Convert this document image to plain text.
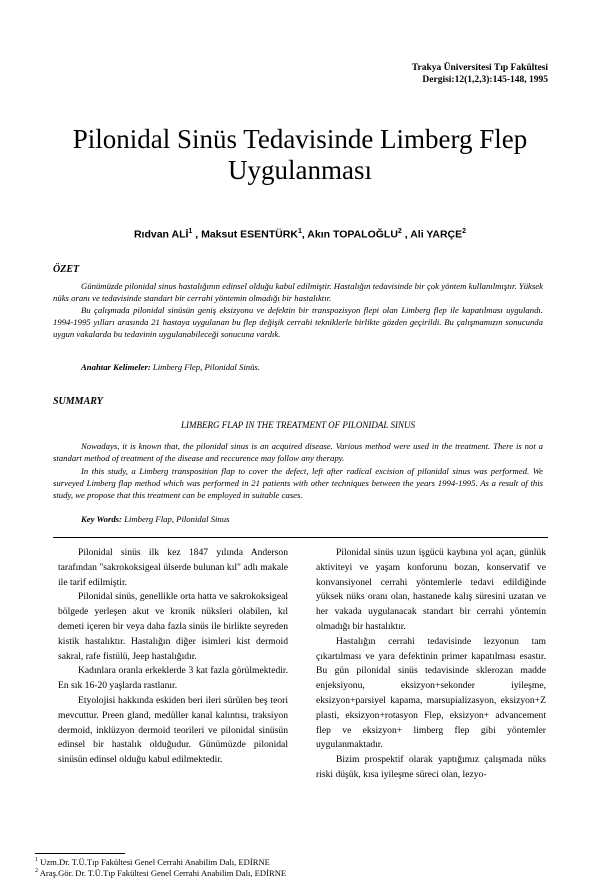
Trakya Üniversitesi Tıp Fakültesi
Dergisi:12(1,2,3):145-148, 1995
Pilonidal Sinüs Tedavisinde Limberg Flep
Uygulanması
Rıdvan ALİ$^1$ , Maksut ESENTÜRK$^1$, Akın TOPALOĞLU$^2$ , Ali YARÇE$^2$
ÖZET
Günümüzde pilonidal sinus hastalığının edinsel olduğu kabul edilmiştir. Hastalığın tedavisinde bir çok yöntem kullanılmıştır. Yüksek nüks oranı ve tedavisinde standart bir cerrahi yöntemin olmadığı bir hastalıktır.
Bu çalışmada pilonidal sinüsün geniş eksizyonu ve defektin bir transpozisyon flepi olan Limberg flep ile kapatılması uygulandı. 1994-1995 yılları arasında 21 hastaya uygulanan bu flep değişik cerrahi tekniklerle birlikte gözden geçirildi. Bu çalışmamızın sonucunda uygun vakalarda bu tedavinin uygulanabileceği sonucuna vardık.
Anahtar Kelimeler: Limberg Flep, Pilonidal Sinüs.
SUMMARY
LIMBERG FLAP IN THE TREATMENT OF PILONIDAL SINUS
Nowadays, it is known that, the pilonidal sinus is an acquired disease. Various method were used in the treatment. There is not a standart method of treatment of the disease and reccurence may follow any therapy.
In this study, a Limberg transposition flap to cover the defect, left after radical excision of pilonidal sinus was performed. We surveyed Limberg flap method which was performed in 21 patients with other techniques between the years 1994-1995. As a result of this study, we propose that this treatment can be employed in suitable cases.
Key Words: Limberg Flap, Pilonidal Sinus

Pilonidal sinüs ilk kez 1847 yılında Anderson tarafından "sakrokoksigeal ülserde bulunan kıl" adlı makale ile tarif edilmiştir.

Pilonidal sinüs, genellikle orta hatta ve sakrokoksigeal bölgede yerleşen akut ve kronik nüksleri olabilen, kıl demeti içeren bir veya daha fazla sinüs ile birlikte seyreden kistik hastalıktır. Hastalığın diğer isimleri kist dermoid sakral, rafe fistülü, Jeep hastalığıdır.

Kadınlara oranla erkeklerde 3 kat fazla görülmektedir. En sık 16-20 yaşlarda rastlanır.

Etyolojisi hakkında eskiden beri ileri sürülen beş teori mevcuttur. Preen gland, medüller kanal kalıntısı, traksiyon dermoid, inklüzyon dermoid teorileri ve pilonidal sinüsün edinsel bir hastalık olduğudur. Günümüzde pilonidal sinüsün edinsel olduğu kabul edilmektedir.

Pilonidal sinüs uzun işgücü kaybına yol açan, günlük aktiviteyi ve yaşam konforunu bozan, konservatif ve konvansiyonel cerrahi yöntemlerle tedavi edildiğinde yüksek nüks oranı olan, hastanede kalış süresini uzatan ve her vakada uygulanacak standart bir cerrahi yöntemin olmadığı bir hastalıktır.

Hastalığın cerrahi tedavisinde lezyonun tam çıkartılması ve yara defektinin primer kapatılması esastır. Bu gün pilonidal sinüs tedavisinde sklerozan madde enjeksiyonu, eksizyon+sekonder iyileşme, eksizyon+parsiyel kapama, marsupializasyon, eksizyon+Z plasti, eksizyon+rotasyon Flep, eksizyon+ advancement flep ve eksizyon+ limberg flep gibi yöntemler uygulanmaktadır.

Bizim prospektif olarak yaptığımız çalışmada nüks riski düşük, kısa iyileşme süreci olan, lezyo-

$^1$ Uzm.Dr. T.Ü.Tıp Fakültesi Genel Cerrahi Anabilim Dalı, EDİRNE
$^2$ Araş.Gör. Dr. T.Ü.Tıp Fakültesi Genel Cerrahi Anabilim Dalı, EDİRNE
